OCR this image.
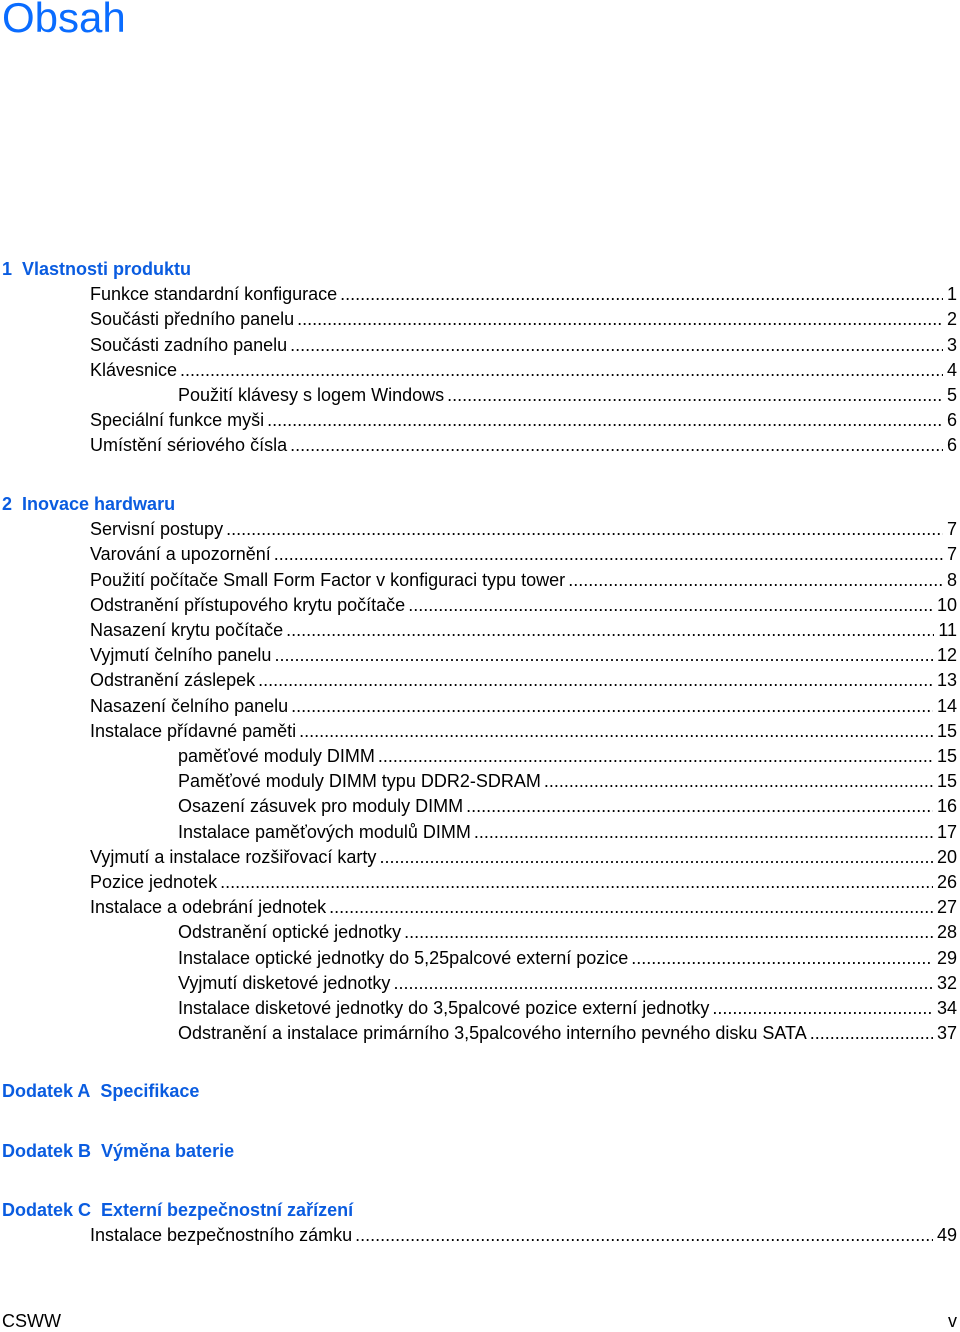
Obsah
1 Vlastnosti produktu
Funkce standardní konfigurace .....	1
Součásti předního panelu .....	2
Součásti zadního panelu .....	3
Klávesnice .....	4
Použití klávesy s logem Windows .....	5
Speciální funkce myši .....	6
Umístění sériového čísla .....	6
2 Inovace hardwaru
Servisní postupy .....	7
Varování a upozornění .....	7
Použití počítače Small Form Factor v konfiguraci typu tower .....	8
Odstranění přístupového krytu počítače .....	10
Nasazení krytu počítače .....	11
Vyjmutí čelního panelu .....	12
Odstranění záslepek .....	13
Nasazení čelního panelu .....	14
Instalace přídavné paměti .....	15
paměťové moduly DIMM .....	15
Paměťové moduly DIMM typu DDR2-SDRAM .....	15
Osazení zásuvek pro moduly DIMM .....	16
Instalace paměťových modulů DIMM .....	17
Vyjmutí a instalace rozšiřovací karty .....	20
Pozice jednotek .....	26
Instalace a odebrání jednotek .....	27
Odstranění optické jednotky .....	28
Instalace optické jednotky do 5,25palcové externí pozice .....	29
Vyjmutí disketové jednotky .....	32
Instalace disketové jednotky do 3,5palcové pozice externí jednotky .....	34
Odstranění a instalace primárního 3,5palcového interního pevného disku SATA .....	37
Dodatek A Specifikace
Dodatek B Výměna baterie
Dodatek C Externí bezpečnostní zařízení
Instalace bezpečnostního zámku .....	49
CSWW	v
